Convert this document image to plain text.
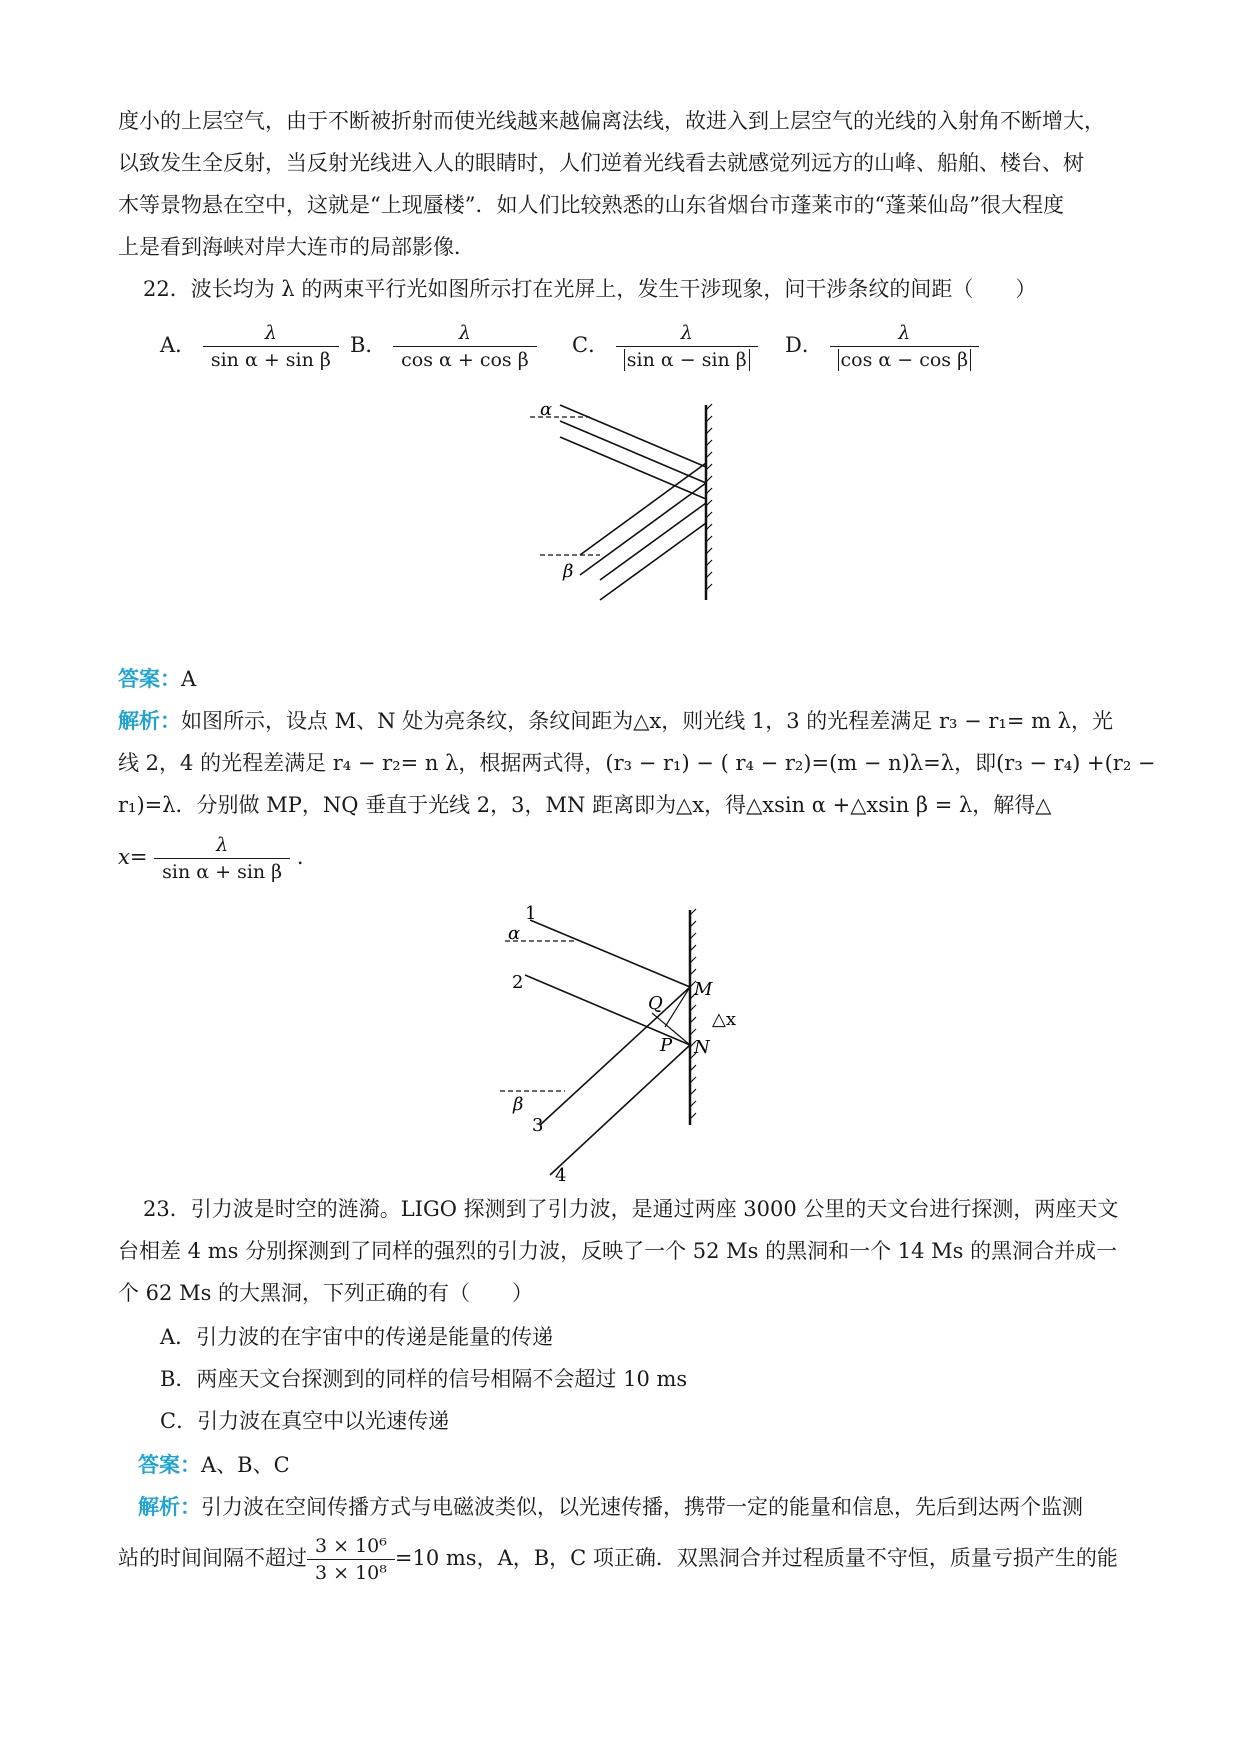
度小的上层空气，由于不断被折射而使光线越来越偏离法线，故进入到上层空气的光线的入射角不断增大，
以致发生全反射，当反射光线进入人的眼睛时，人们逆着光线看去就感觉列远方的山峰、船舶、楼台、树
木等景物悬在空中，这就是“上现蜃楼”．如人们比较熟悉的山东省烟台市蓬莱市的“蓬莱仙岛”很大程度
上是看到海峡对岸大连市的局部影像．
22．波长均为 λ 的两束平行光如图所示打在光屏上，发生干涉现象，问干涉条纹的间距（　　）
A． $\frac{\lambda}{\text{sin α + sin β}}$ B． $\frac{\lambda}{\text{cos α + cos β}}$ C． $\frac{\lambda}{\text{sin α − sin β}}$ D． $\frac{\lambda}{\text{cos α − cos β}}$
α
β
答案：A
解析：如图所示，设点 M、N 处为亮条纹，条纹间距为△x，则光线 1，3 的光程差满足 r₃ − r₁= m λ，光
线 2，4 的光程差满足 r₄ − r₂= n λ，根据两式得，(r₃ − r₁) − ( r₄ − r₂)=(m − n)λ=λ，即(r₃ − r₄) +(r₂ −
r₁)=λ．分别做 MP，NQ 垂直于光线 2，3，MN 距离即为△x，得△xsin α +△xsin β = λ，解得△
$x= \frac{\lambda}{\text{sin α + sin β}}$ .
1
α
2
β
3
4
M
N
P
Q
△x
23．引力波是时空的涟漪。LIGO 探测到了引力波，是通过两座 3000 公里的天文台进行探测，两座天文
台相差 4 ms 分别探测到了同样的强烈的引力波，反映了一个 52 Ms 的黑洞和一个 14 Ms 的黑洞合并成一
个 62 Ms 的大黑洞，下列正确的有（　　）
A．引力波的在宇宙中的传递是能量的传递
B．两座天文台探测到的同样的信号相隔不会超过 10 ms
C．引力波在真空中以光速传递
答案：A、B、C
解析：引力波在空间传播方式与电磁波类似，以光速传播，携带一定的能量和信息，先后到达两个监测
站的时间间隔不超过 $\frac{\text{3 × 10⁶}}{\text{3 × 10⁸}} =10$ ms，A，B，C 项正确．双黑洞合并过程质量不守恒，质量亏损产生的能
